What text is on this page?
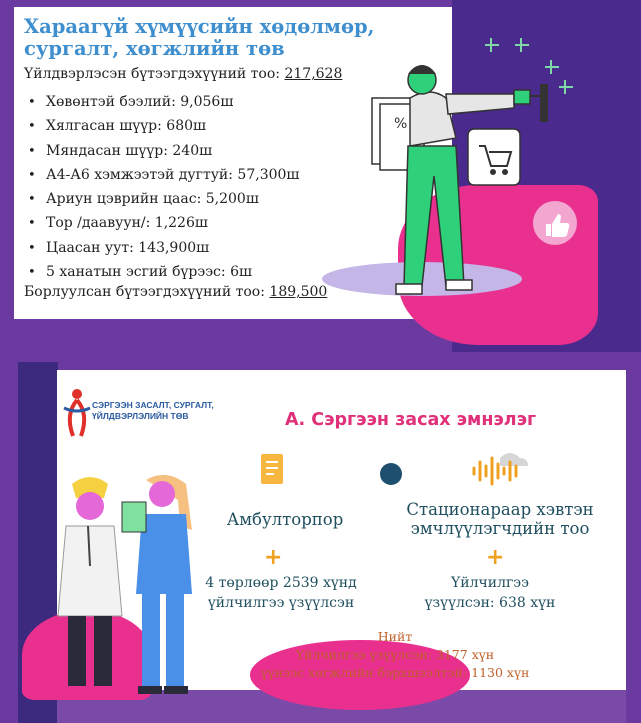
Хараагүй хүмүүсийн хөдөлмөр, сургалт, хөгжлийн төв
Үйлдвэрлэсэн бүтээгдэхүүний тоо: 217,628
• Хөвөнтэй бээлий: 9,056ш
• Хялгасан шүүр: 680ш
• Мяндасан шүүр: 240ш
• А4-А6 хэмжээтэй дугтуй: 57,300ш
• Ариун цэврийн цаас: 5,200ш
• Тор /даавуун/: 1,226ш
• Цаасан уут: 143,900ш
• 5 ханатын эсгий бүрээс: 6ш
Борлуулсан бүтээгдэхүүний тоо: 189,500
%
СЭРГЭЭН ЗАСАЛТ, СУРГАЛТ, ҮЙЛДВЭРЛЭЛИЙН ТӨВ	А. Сэргээн засах эмнэлэг
Амбулторпор
Стационараар хэвтэн эмчлүүлэгчдийн тоо
+	+
4 төрлөөр 2539 хүнд үйлчилгээ үзүүлсэн
Үйлчилгээ үзүүлсэн: 638 хүн
Нийт
Үйлчилгээ үзүүлсэн: 3177 хүн
үүнээс хөгжлийн бэрхшээлтэй: 1130 хүн
